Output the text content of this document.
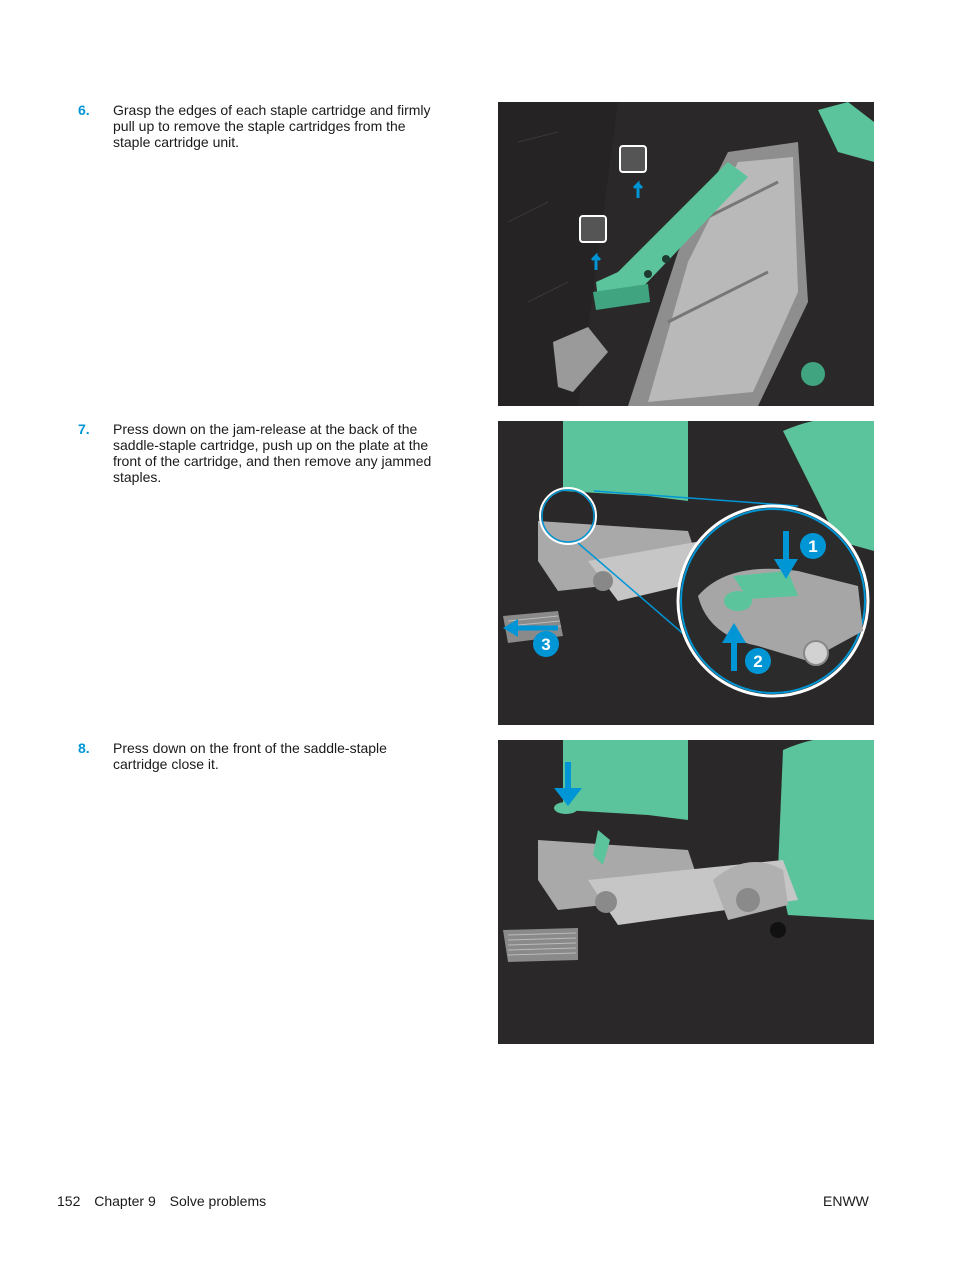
6. Grasp the edges of each staple cartridge and firmly pull up to remove the staple cartridges from the staple cartridge unit.
7. Press down on the jam-release at the back of the saddle-staple cartridge, push up on the plate at the front of the cartridge, and then remove any jammed staples.
1
2
3
8. Press down on the front of the saddle-staple cartridge close it.
152 Chapter 9 Solve problems	ENWW
